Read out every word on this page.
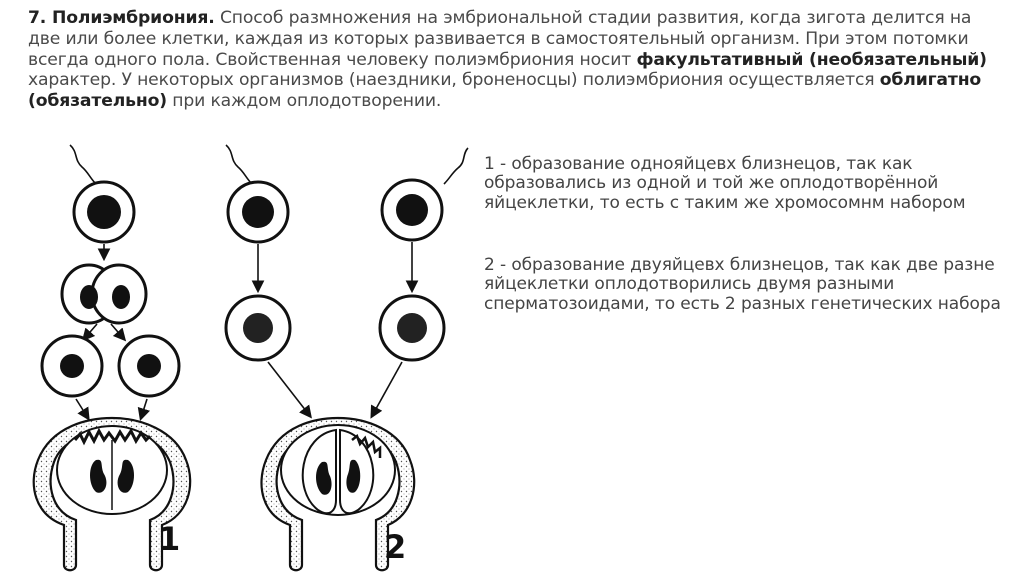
7. Полиэмбриония. Способ размножения на эмбриональной стадии развития, когда зигота делится на две или более клетки, каждая из которых развивается в самостоятельный организм. При этом потомки всегда одного пола. Свойственная человеку полиэмбриония носит факультативный (необязательный) характер. У некоторых организмов (наездники, броненосцы) полиэмбриония осуществляется облигатно (обязательно) при каждом оплодотворении.
1	2
1 - образование однояйцевх близнецов, так как образовались из одной и той же оплодотворённой яйцеклетки, то есть с таким же хромосомнм набором
2 - образование двуяйцевх близнецов, так как две разне яйцеклетки оплодотворились двумя разными сперматозоидами, то есть 2 разных генетических набора
